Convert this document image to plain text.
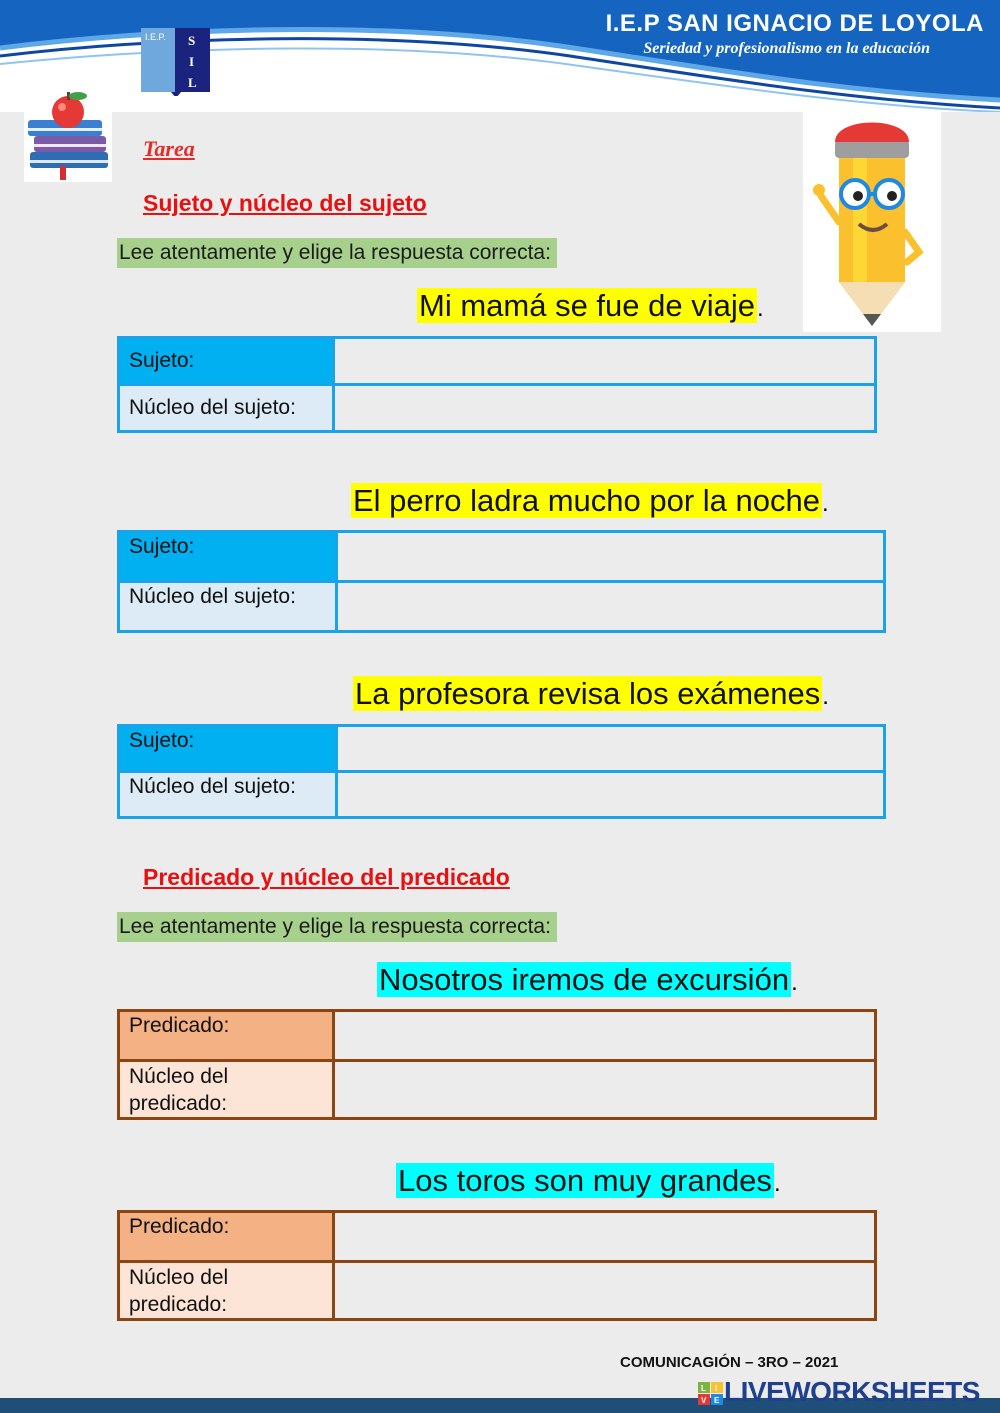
I.E.P SAN IGNACIO DE LOYOLA
Seriedad y profesionalismo en la educación
I.E.P. S
I
L
Tarea
Sujeto y núcleo del sujeto
Lee atentamente y elige la respuesta correcta:
Mi mamá se fue de viaje.
Sujeto:	
Núcleo del sujeto:	
El perro ladra mucho por la noche.
Sujeto:	
Núcleo del sujeto:	
La profesora revisa los exámenes.
Sujeto:	
Núcleo del sujeto:	
Predicado y núcleo del predicado
Lee atentamente y elige la respuesta correcta:
Nosotros iremos de excursión.
Predicado:	
Núcleo del predicado:	
Los toros son muy grandes.
Predicado:	
Núcleo del predicado:	
COMUNICAGIÓN – 3RO – 2021
L I
V E LIVEWORKSHEETS
